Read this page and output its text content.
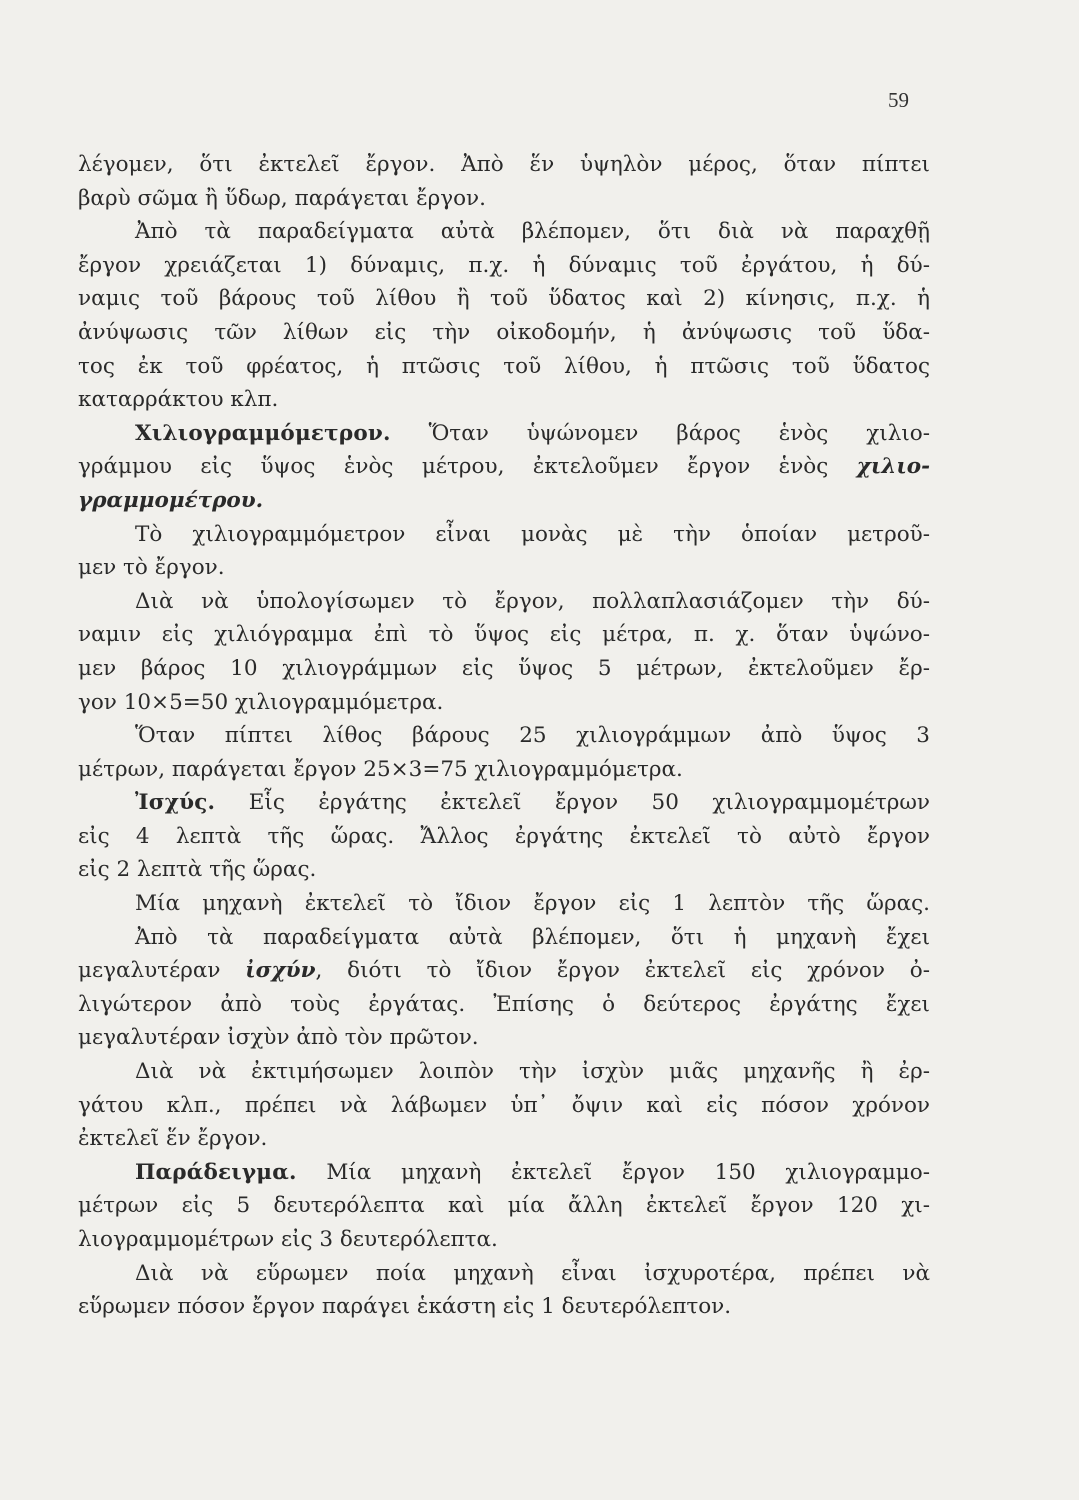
59
λέγομεν, ὅτι ἐκτελεῖ ἔργον. Ἀπὸ ἕν ὑψηλὸν μέρος, ὅταν πίπτει
βαρὺ σῶμα ἢ ὕδωρ, παράγεται ἔργον.
Ἀπὸ τὰ παραδείγματα αὐτὰ βλέπομεν, ὅτι διὰ νὰ παραχθῇ
ἔργον χρειάζεται 1) δύναμις, π.χ. ἡ δύναμις τοῦ ἐργάτου, ἡ δύ-
ναμις τοῦ βάρους τοῦ λίθου ἢ τοῦ ὕδατος καὶ 2) κίνησις, π.χ. ἡ
ἀνύψωσις τῶν λίθων εἰς τὴν οἰκοδομήν, ἡ ἀνύψωσις τοῦ ὕδα-
τος ἐκ τοῦ φρέατος, ἡ πτῶσις τοῦ λίθου, ἡ πτῶσις τοῦ ὕδατος
καταρράκτου κλπ.
Χιλιογραμμόμετρον. Ὅταν ὑψώνομεν βάρος ἑνὸς χιλιο-
γράμμου εἰς ὕψος ἑνὸς μέτρου, ἐκτελοῦμεν ἔργον ἑνὸς χιλιο-
γραμμομέτρου.
Τὸ χιλιογραμμόμετρον εἶναι μονὰς μὲ τὴν ὁποίαν μετροῦ-
μεν τὸ ἔργον.
Διὰ νὰ ὑπολογίσωμεν τὸ ἔργον, πολλαπλασιάζομεν τὴν δύ-
ναμιν εἰς χιλιόγραμμα ἐπὶ τὸ ὕψος εἰς μέτρα, π. χ. ὅταν ὑψώνο-
μεν βάρος 10 χιλιογράμμων εἰς ὕψος 5 μέτρων, ἐκτελοῦμεν ἔρ-
γον 10×5=50 χιλιογραμμόμετρα.
Ὅταν πίπτει λίθος βάρους 25 χιλιογράμμων ἀπὸ ὕψος 3
μέτρων, παράγεται ἔργον 25×3=75 χιλιογραμμόμετρα.
Ἰσχύς. Εἷς ἐργάτης ἐκτελεῖ ἔργον 50 χιλιογραμμομέτρων
εἰς 4 λεπτὰ τῆς ὥρας. Ἄλλος ἐργάτης ἐκτελεῖ τὸ αὐτὸ ἔργον
εἰς 2 λεπτὰ τῆς ὥρας.
Μία μηχανὴ ἐκτελεῖ τὸ ἴδιον ἔργον εἰς 1 λεπτὸν τῆς ὥρας.
Ἀπὸ τὰ παραδείγματα αὐτὰ βλέπομεν, ὅτι ἡ μηχανὴ ἔχει
μεγαλυτέραν ἰσχύν, διότι τὸ ἴδιον ἔργον ἐκτελεῖ εἰς χρόνον ὀ-
λιγώτερον ἀπὸ τοὺς ἐργάτας. Ἐπίσης ὁ δεύτερος ἐργάτης ἔχει
μεγαλυτέραν ἰσχὺν ἀπὸ τὸν πρῶτον.
Διὰ νὰ ἐκτιμήσωμεν λοιπὸν τὴν ἰσχὺν μιᾶς μηχανῆς ἢ ἐρ-
γάτου κλπ., πρέπει νὰ λάβωμεν ὑπ᾽ ὄψιν καὶ εἰς πόσον χρόνον
ἐκτελεῖ ἕν ἔργον.
Παράδειγμα. Μία μηχανὴ ἐκτελεῖ ἔργον 150 χιλιογραμμο-
μέτρων εἰς 5 δευτερόλεπτα καὶ μία ἄλλη ἐκτελεῖ ἔργον 120 χι-
λιογραμμομέτρων εἰς 3 δευτερόλεπτα.
Διὰ νὰ εὕρωμεν ποία μηχανὴ εἶναι ἰσχυροτέρα, πρέπει νὰ
εὕρωμεν πόσον ἔργον παράγει ἑκάστη εἰς 1 δευτερόλεπτον.
